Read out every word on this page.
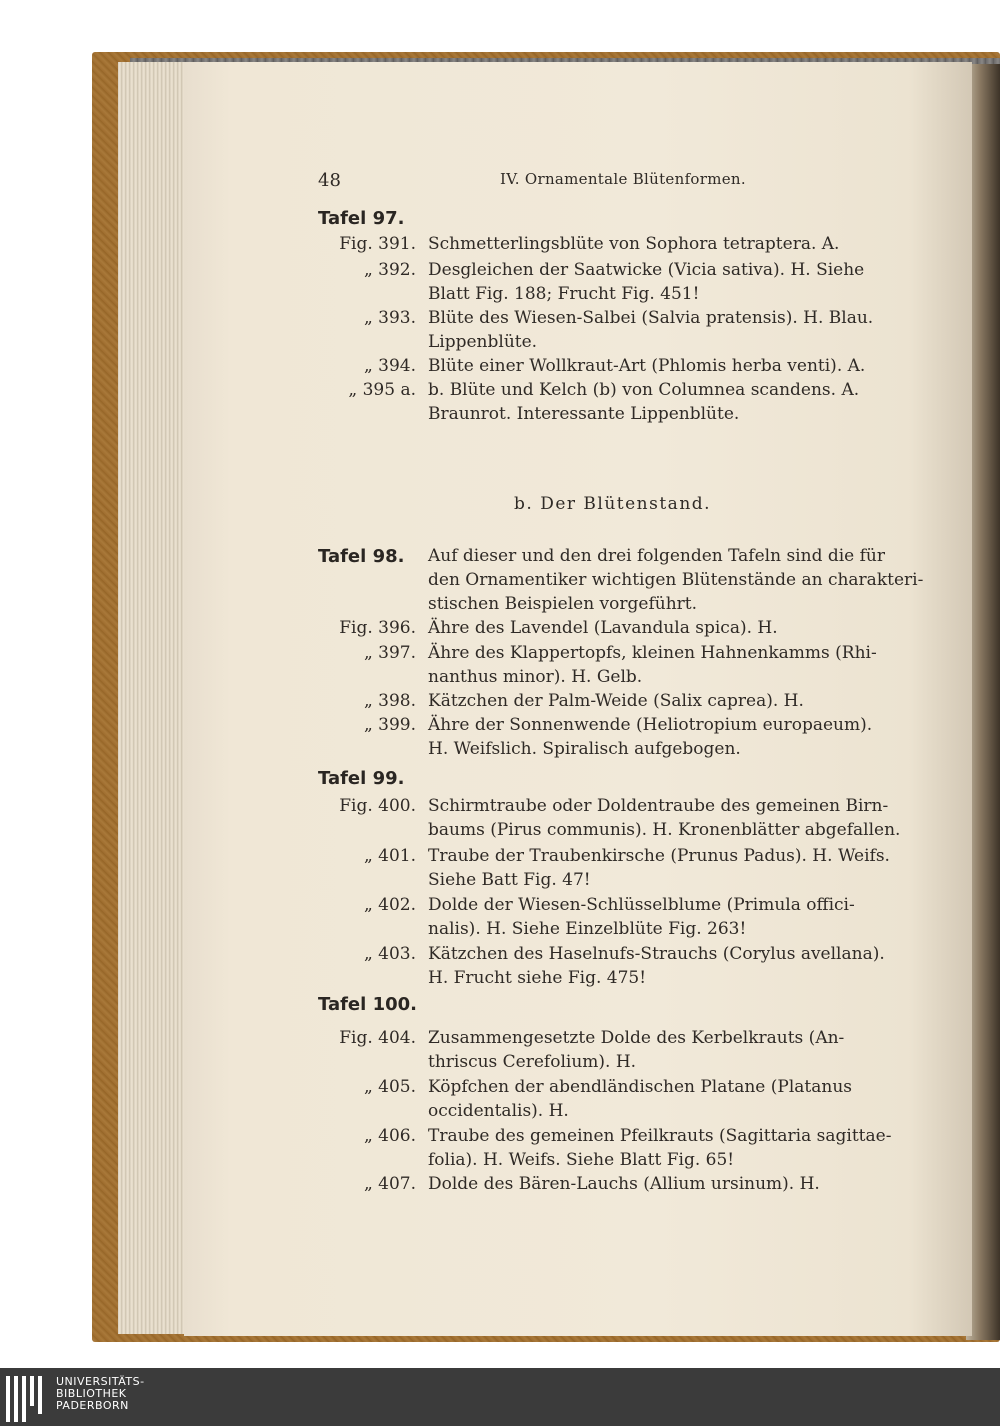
48	IV. Ornamentale Blütenformen.
Tafel 97.
Fig. 391. Schmetterlingsblüte von Sophora tetraptera. A.
„ 392. Desgleichen der Saatwicke (Vicia sativa). H. Siehe
Blatt Fig. 188; Frucht Fig. 451!
„ 393. Blüte des Wiesen-Salbei (Salvia pratensis). H. Blau.
Lippenblüte.
„ 394. Blüte einer Wollkraut-Art (Phlomis herba venti). A.
„ 395 a. b. Blüte und Kelch (b) von Columnea scandens. A.
Braunrot. Interessante Lippenblüte.
b. Der Blütenstand.
Tafel 98. Auf dieser und den drei folgenden Tafeln sind die für
den Ornamentiker wichtigen Blütenstände an charakteri-
stischen Beispielen vorgeführt.
Fig. 396. Ähre des Lavendel (Lavandula spica). H.
„ 397. Ähre des Klappertopfs, kleinen Hahnenkamms (Rhi-
nanthus minor). H. Gelb.
„ 398. Kätzchen der Palm-Weide (Salix caprea). H.
„ 399. Ähre der Sonnenwende (Heliotropium europaeum).
H. Weifslich. Spiralisch aufgebogen.
Tafel 99.
Fig. 400. Schirmtraube oder Doldentraube des gemeinen Birn-
baums (Pirus communis). H. Kronenblätter abgefallen.
„ 401. Traube der Traubenkirsche (Prunus Padus). H. Weifs.
Siehe Batt Fig. 47!
„ 402. Dolde der Wiesen-Schlüsselblume (Primula offici-
nalis). H. Siehe Einzelblüte Fig. 263!
„ 403. Kätzchen des Haselnufs-Strauchs (Corylus avellana).
H. Frucht siehe Fig. 475!
Tafel 100.
Fig. 404. Zusammengesetzte Dolde des Kerbelkrauts (An-
thriscus Cerefolium). H.
„ 405. Köpfchen der abendländischen Platane (Platanus
occidentalis). H.
„ 406. Traube des gemeinen Pfeilkrauts (Sagittaria sagittae-
folia). H. Weifs. Siehe Blatt Fig. 65!
„ 407. Dolde des Bären-Lauchs (Allium ursinum). H.
UNIVERSITÄTS-
BIBLIOTHEK
PADERBORN
